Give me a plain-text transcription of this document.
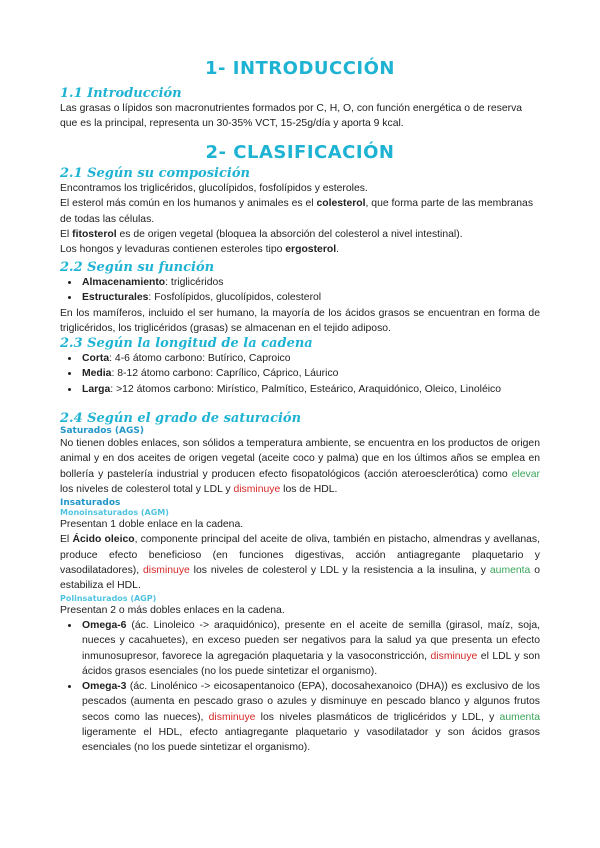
1- INTRODUCCIÓN
1.1 Introducción

Las grasas o lípidos son macronutrientes formados por C, H, O, con función energética o de reserva que es la principal, representa un 30-35% VCT, 15-25g/día y aporta 9 kcal.

2- CLASIFICACIÓN
2.1 Según su composición

Encontramos los triglicéridos, glucolípidos, fosfolípidos y esteroles.

El esterol más común en los humanos y animales es el colesterol, que forma parte de las membranas de todas las células.

El fitosterol es de origen vegetal (bloquea la absorción del colesterol a nivel intestinal).

Los hongos y levaduras contienen esteroles tipo ergosterol.

2.2 Según su función
• Almacenamiento: triglicéridos
• Estructurales: Fosfolípidos, glucolípidos, colesterol

En los mamíferos, incluido el ser humano, la mayoría de los ácidos grasos se encuentran en forma de triglicéridos, los triglicéridos (grasas) se almacenan en el tejido adiposo.

2.3 Según la longitud de la cadena
• Corta: 4-6 átomo carbono: Butírico, Caproico
• Media: 8-12 átomo carbono: Caprílico, Cáprico, Láurico
• Larga: >12 átomos carbono: Mirístico, Palmítico, Esteárico, Araquidónico, Oleico, Linoléico
2.4 Según el grado de saturación
Saturados (AGS)

No tienen dobles enlaces, son sólidos a temperatura ambiente, se encuentra en los productos de origen animal y en dos aceites de origen vegetal (aceite coco y palma) que en los últimos años se emplea en bollería y pastelería industrial y producen efecto fisopatológicos (acción ateroesclerótica) como elevar los niveles de colesterol total y LDL y disminuye los de HDL.

Insaturados
Monoinsaturados (AGM)

Presentan 1 doble enlace en la cadena.

El Ácido oleico, componente principal del aceite de oliva, también en pistacho, almendras y avellanas, produce efecto beneficioso (en funciones digestivas, acción antiagregante plaquetario y vasodilatadores), disminuye los niveles de colesterol y LDL y la resistencia a la insulina, y aumenta o estabiliza el HDL.

Polinsaturados (AGP)

Presentan 2 o más dobles enlaces en la cadena.

• Omega-6 (ác. Linoleico -> araquidónico), presente en el aceite de semilla (girasol, maíz, soja, nueces y cacahuetes), en exceso pueden ser negativos para la salud ya que presenta un efecto inmunosupresor, favorece la agregación plaquetaria y la vasoconstricción, disminuye el LDL y son ácidos grasos esenciales (no los puede sintetizar el organismo).
• Omega-3 (ác. Linolénico -> eicosapentanoico (EPA), docosahexanoico (DHA)) es exclusivo de los pescados (aumenta en pescado graso o azules y disminuye en pescado blanco y algunos frutos secos como las nueces), disminuye los niveles plasmáticos de triglicéridos y LDL, y aumenta ligeramente el HDL, efecto antiagregante plaquetario y vasodilatador y son ácidos grasos esenciales (no los puede sintetizar el organismo).
